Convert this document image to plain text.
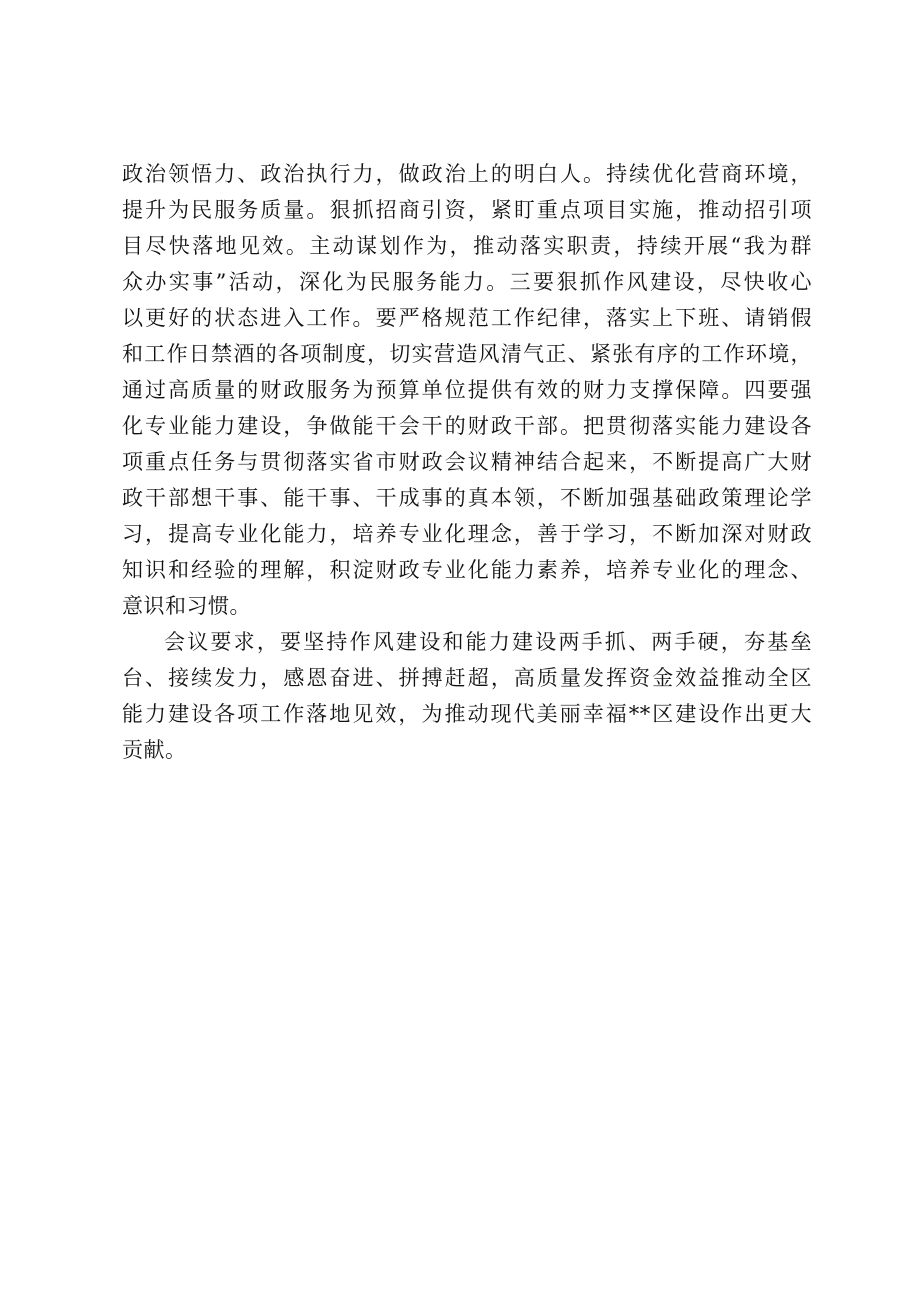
政治领悟力、政治执行力，做政治上的明白人。持续优化营商环境，
提升为民服务质量。狠抓招商引资，紧盯重点项目实施，推动招引项
目尽快落地见效。主动谋划作为，推动落实职责，持续开展“我为群
众办实事”活动，深化为民服务能力。三要狠抓作风建设，尽快收心
以更好的状态进入工作。要严格规范工作纪律，落实上下班、请销假
和工作日禁酒的各项制度，切实营造风清气正、紧张有序的工作环境，
通过高质量的财政服务为预算单位提供有效的财力支撑保障。四要强
化专业能力建设，争做能干会干的财政干部。把贯彻落实能力建设各
项重点任务与贯彻落实省市财政会议精神结合起来，不断提高广大财
政干部想干事、能干事、干成事的真本领，不断加强基础政策理论学
习，提高专业化能力，培养专业化理念，善于学习，不断加深对财政
知识和经验的理解，积淀财政专业化能力素养，培养专业化的理念、
意识和习惯。
会议要求，要坚持作风建设和能力建设两手抓、两手硬，夯基垒
台、接续发力，感恩奋进、拼搏赶超，高质量发挥资金效益推动全区
能力建设各项工作落地见效，为推动现代美丽幸福**区建设作出更大
贡献。
